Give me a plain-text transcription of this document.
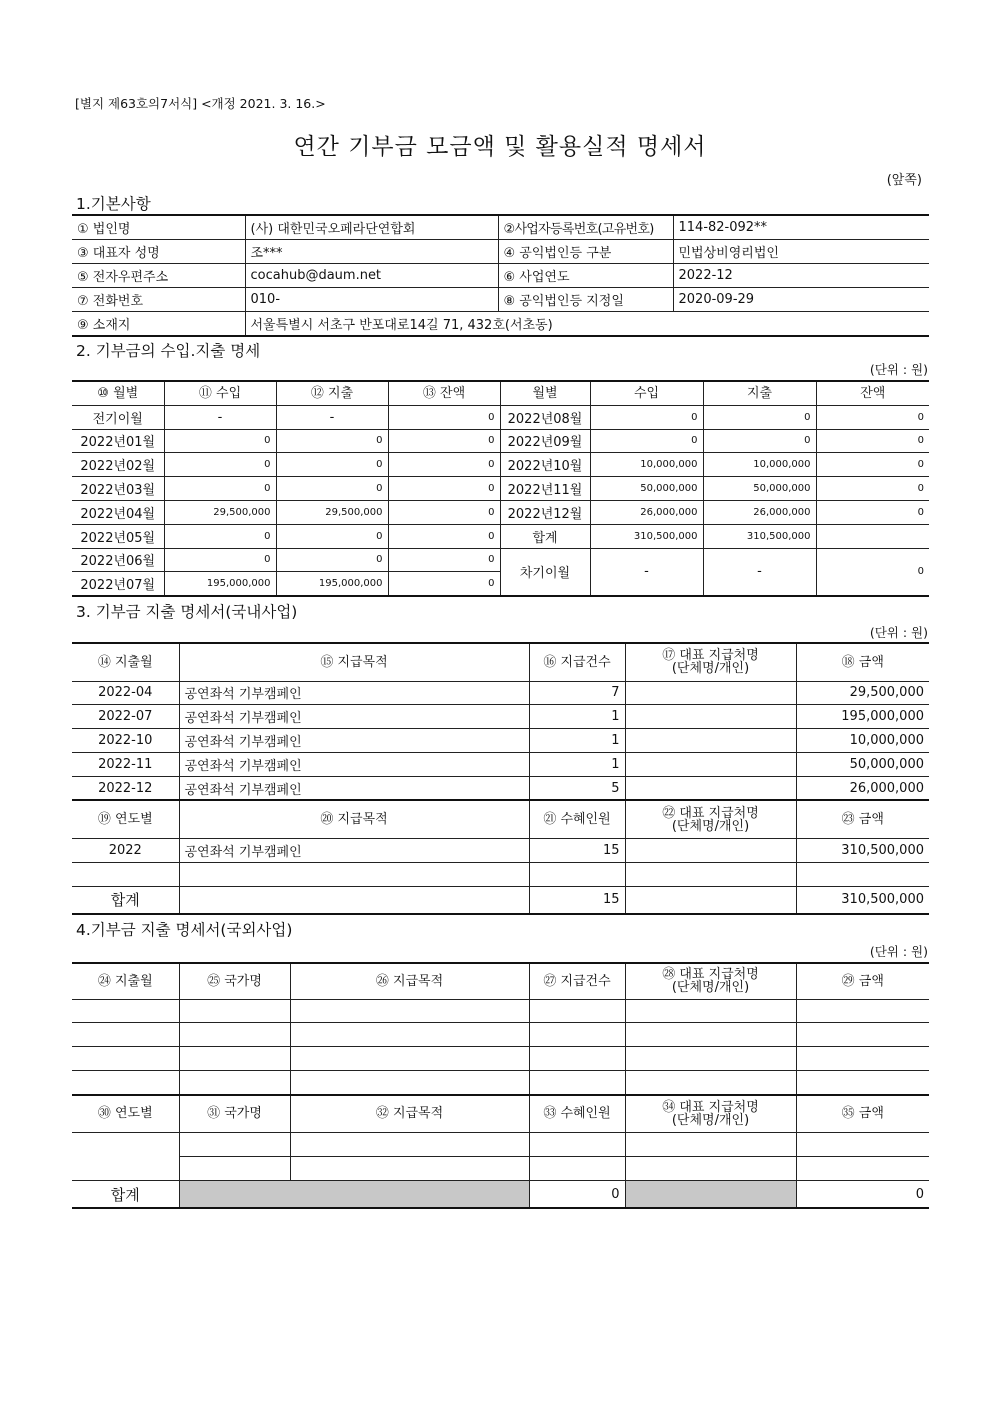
[별지 제63호의7서식] <개정 2021. 3. 16.>
연간 기부금 모금액 및 활용실적 명세서
(앞쪽)
1.기본사항
① 법인명	(사) 대한민국오페라단연합회	②사업자등록번호(고유번호)	114-82-092**
③ 대표자 성명	조***	④ 공익법인등 구분	민법상비영리법인
⑤ 전자우편주소	cocahub@daum.net	⑥ 사업연도	2022-12
⑦ 전화번호	010-	⑧ 공익법인등 지정일	2020-09-29
⑨ 소재지	서울특별시 서초구 반포대로14길 71, 432호(서초동)		
2. 기부금의 수입.지출 명세
(단위 : 원)
⑩ 월별	⑪ 수입	⑫ 지출	⑬ 잔액	월별	수입	지출	잔액
전기이월	-	-	0	2022년08월	0	0	0
2022년01월	0	0	0	2022년09월	0	0	0
2022년02월	0	0	0	2022년10월	10,000,000	10,000,000	0
2022년03월	0	0	0	2022년11월	50,000,000	50,000,000	0
2022년04월	29,500,000	29,500,000	0	2022년12월	26,000,000	26,000,000	0
2022년05월	0	0	0	합계	310,500,000	310,500,000	
2022년06월	0	0	0	차기이월	-	-	0
2022년07월	195,000,000	195,000,000	0				
3. 기부금 지출 명세서(국내사업)
(단위 : 원)
⑭ 지출월	⑮ 지급목적	⑯ 지급건수	⑰ 대표 지급처명
(단체명/개인)	⑱ 금액
2022-04	공연좌석 기부캠페인	7		29,500,000
2022-07	공연좌석 기부캠페인	1		195,000,000
2022-10	공연좌석 기부캠페인	1		10,000,000
2022-11	공연좌석 기부캠페인	1		50,000,000
2022-12	공연좌석 기부캠페인	5		26,000,000
⑲ 연도별	⑳ 지급목적	㉑ 수혜인원	㉒ 대표 지급처명
(단체명/개인)	㉓ 금액
2022	공연좌석 기부캠페인	15		310,500,000

합계		15		310,500,000
4.기부금 지출 명세서(국외사업)
(단위 : 원)
㉔ 지출월	㉕ 국가명	㉖ 지급목적	㉗ 지급건수	㉘ 대표 지급처명
(단체명/개인)	㉙ 금액

㉚ 연도별	㉛ 국가명	㉜ 지급목적	㉝ 수혜인원	㉞ 대표 지급처명
(단체명/개인)	㉟ 금액

합계			0		0
